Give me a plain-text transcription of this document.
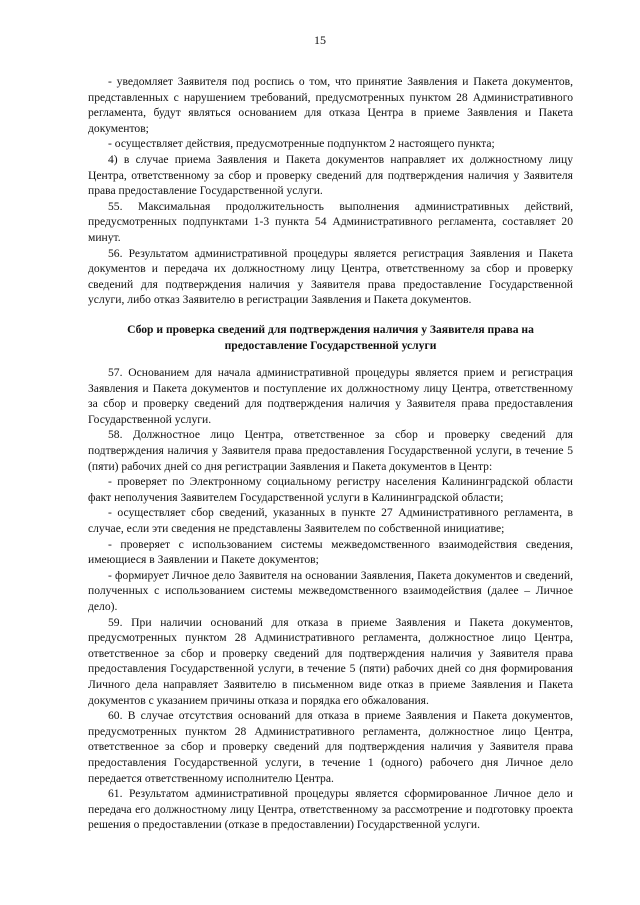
15

- уведомляет Заявителя под роспись о том, что принятие Заявления и Пакета документов, представленных с нарушением требований, предусмотренных пунктом 28 Административного регламента, будут являться основанием для отказа Центра в приеме Заявления и Пакета документов;

- осуществляет действия, предусмотренные подпунктом 2 настоящего пункта;

4) в случае приема Заявления и Пакета документов направляет их должностному лицу Центра, ответственному за сбор и проверку сведений для подтверждения наличия у Заявителя права предоставление Государственной услуги.

55. Максимальная продолжительность выполнения административных действий, предусмотренных подпунктами 1-3 пункта 54 Административного регламента, составляет 20 минут.

56. Результатом административной процедуры является регистрация Заявления и Пакета документов и передача их должностному лицу Центра, ответственному за сбор и проверку сведений для подтверждения наличия у Заявителя права предоставление Государственной услуги, либо отказ Заявителю в регистрации Заявления и Пакета документов.

Сбор и проверка сведений для подтверждения наличия у Заявителя права на
предоставление Государственной услуги

57. Основанием для начала административной процедуры является прием и регистрация Заявления и Пакета документов и поступление их должностному лицу Центра, ответственному за сбор и проверку сведений для подтверждения наличия у Заявителя права предоставления Государственной услуги.

58. Должностное лицо Центра, ответственное за сбор и проверку сведений для подтверждения наличия у Заявителя права предоставления Государственной услуги, в течение 5 (пяти) рабочих дней со дня регистрации Заявления и Пакета документов в Центр:

- проверяет по Электронному социальному регистру населения Калининградской области факт неполучения Заявителем Государственной услуги в Калининградской области;

- осуществляет сбор сведений, указанных в пункте 27 Административного регламента, в случае, если эти сведения не представлены Заявителем по собственной инициативе;

- проверяет с использованием системы межведомственного взаимодействия сведения, имеющиеся в Заявлении и Пакете документов;

- формирует Личное дело Заявителя на основании Заявления, Пакета документов и сведений, полученных с использованием системы межведомственного взаимодействия (далее – Личное дело).

59. При наличии оснований для отказа в приеме Заявления и Пакета документов, предусмотренных пунктом 28 Административного регламента, должностное лицо Центра, ответственное за сбор и проверку сведений для подтверждения наличия у Заявителя права предоставления Государственной услуги, в течение 5 (пяти) рабочих дней со дня формирования Личного дела направляет Заявителю в письменном виде отказ в приеме Заявления и Пакета документов с указанием причины отказа и порядка его обжалования.

60. В случае отсутствия оснований для отказа в приеме Заявления и Пакета документов, предусмотренных пунктом 28 Административного регламента, должностное лицо Центра, ответственное за сбор и проверку сведений для подтверждения наличия у Заявителя права предоставления Государственной услуги, в течение 1 (одного) рабочего дня Личное дело передается ответственному исполнителю Центра.

61. Результатом административной процедуры является сформированное Личное дело и передача его должностному лицу Центра, ответственному за рассмотрение и подготовку проекта решения о предоставлении (отказе в предоставлении) Государственной услуги.
